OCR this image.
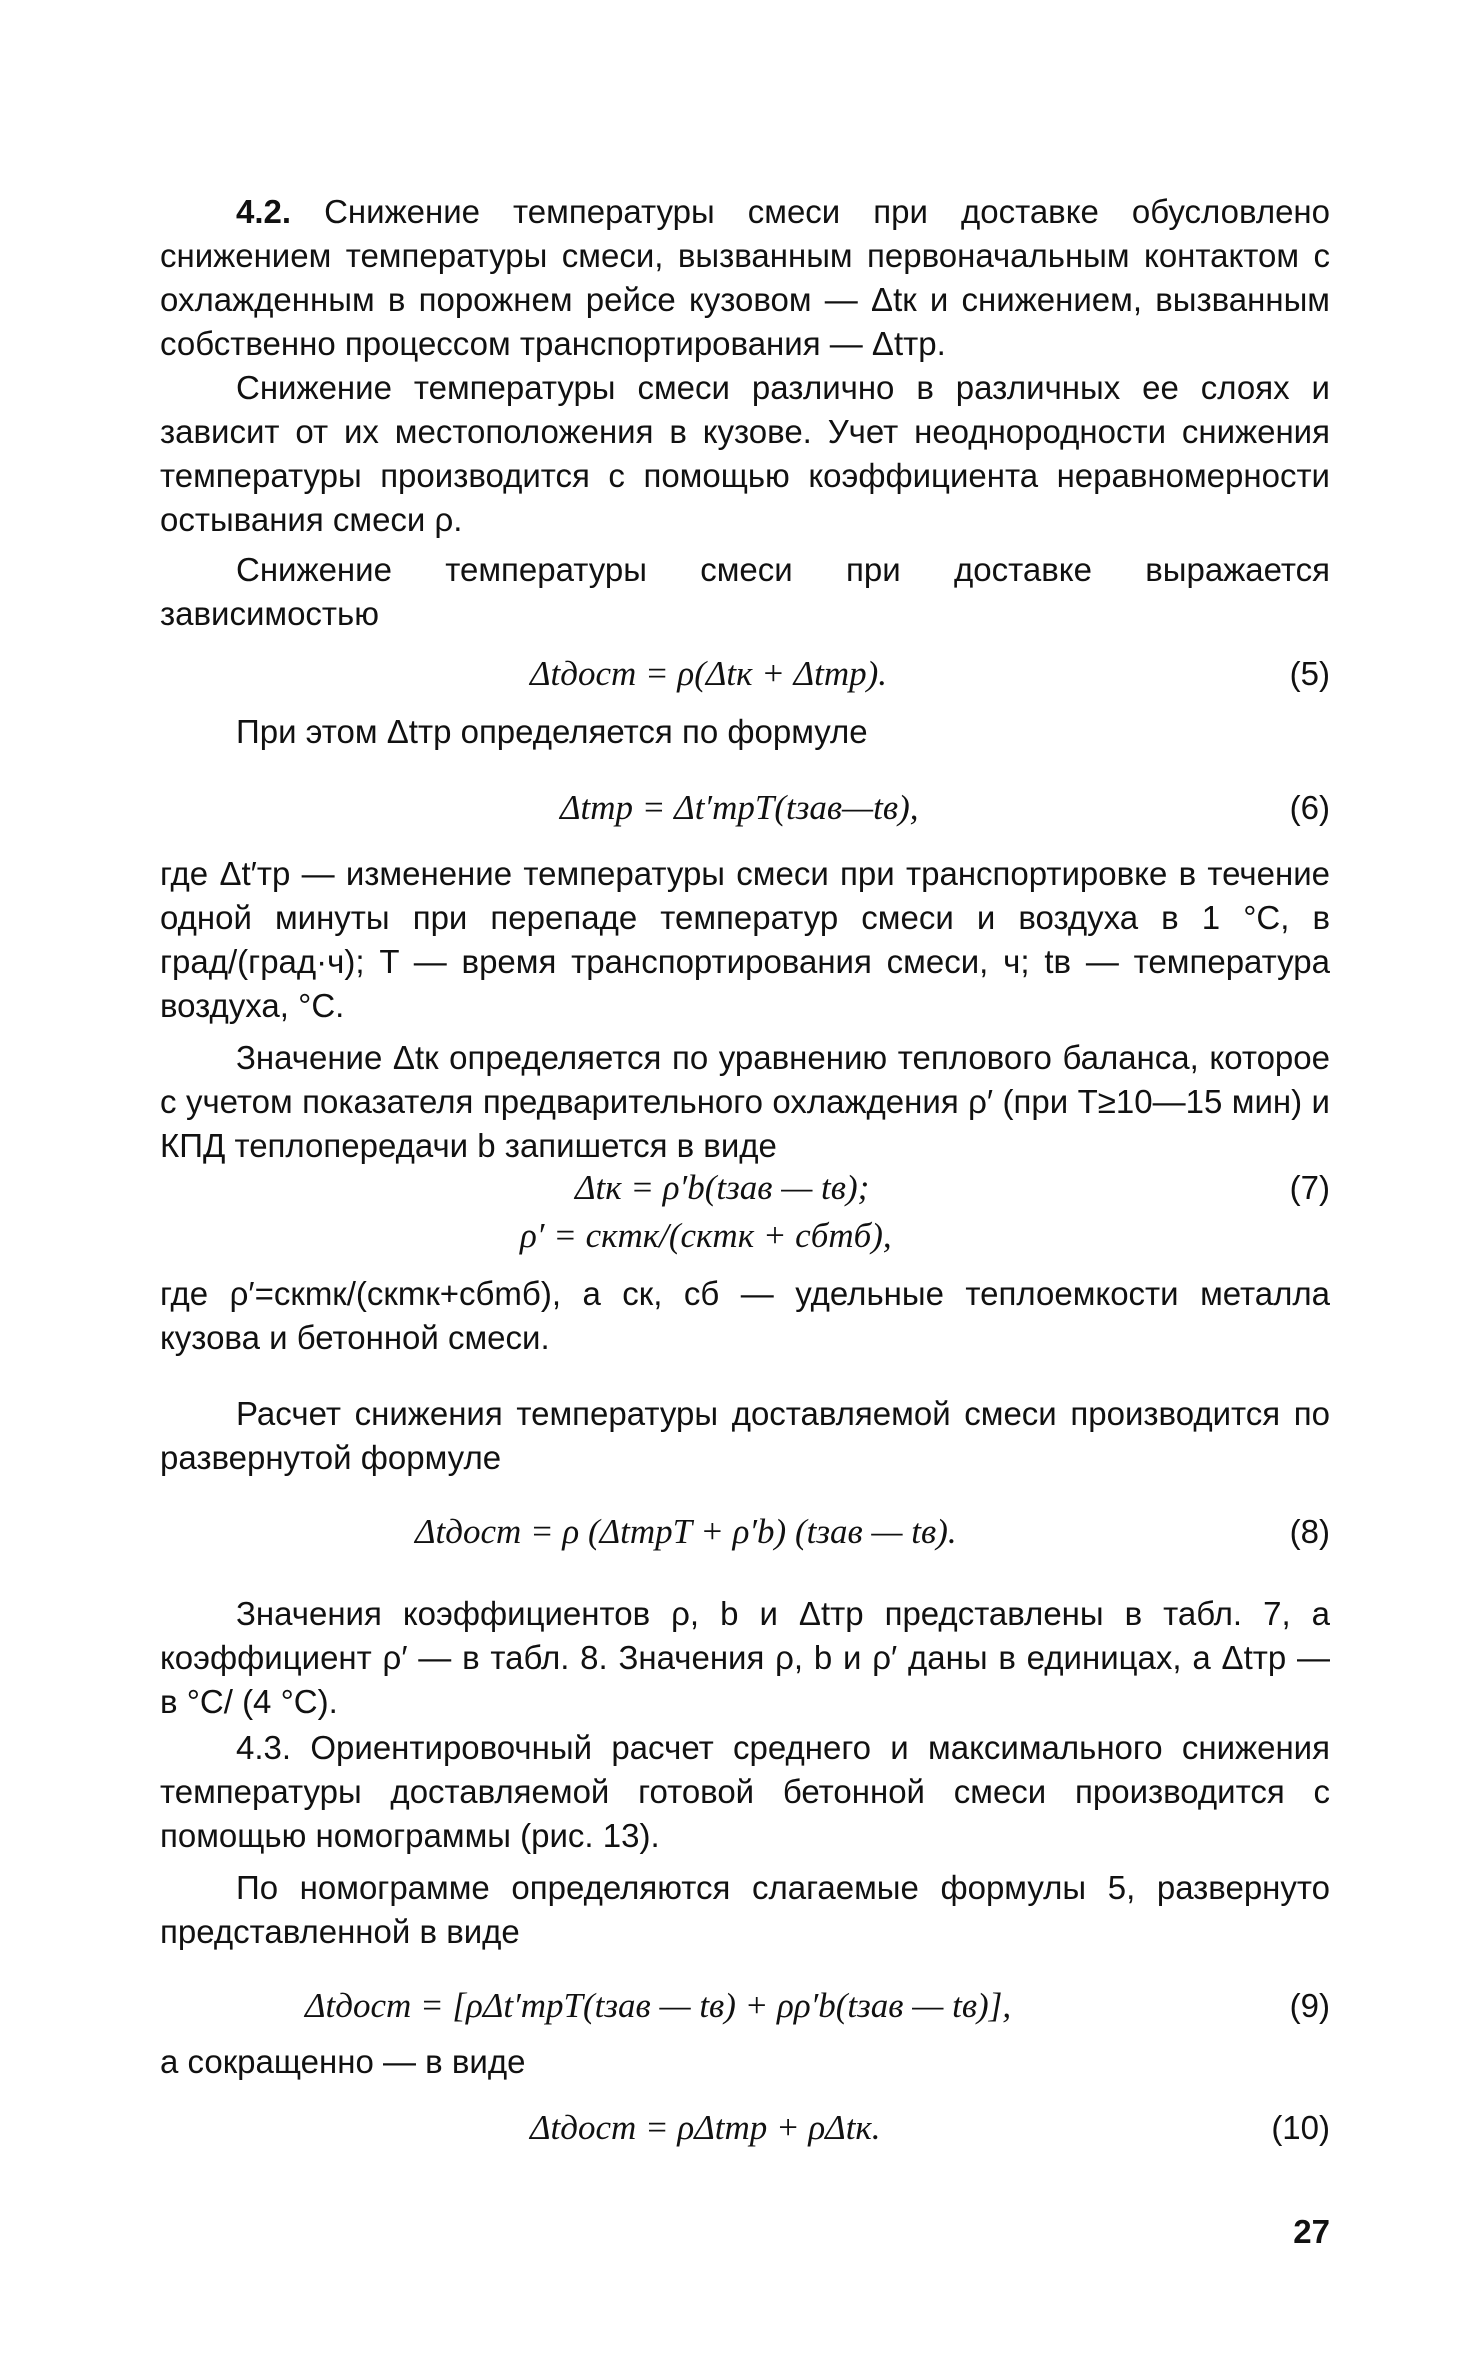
4.2. Снижение температуры смеси при доставке обусловлено снижением температуры смеси, вызванным первоначальным контактом с охлажденным в порожнем рейсе кузовом — Δtк и снижением, вызванным собственно процессом транспортирования — Δtтр.

Снижение температуры смеси различно в различных ее слоях и зависит от их местоположения в кузове. Учет неоднородности снижения температуры производится с помощью коэффициента неравномерности остывания смеси ρ.

Снижение температуры смеси при доставке выражается зависимостью

Δtдост = ρ(Δtк + Δtтр).	(5)

При этом Δtтр определяется по формуле

Δtтр = Δt′трT(tзав—tв),	(6)

где Δt′тр — изменение температуры смеси при транспортировке в течение одной минуты при перепаде температур смеси и воздуха в 1 °С, в град/(град·ч); T — время транспортирования смеси, ч; tв — температура воздуха, °С.

Значение Δtк определяется по уравнению теплового баланса, которое с учетом показателя предварительного охлаждения ρ′ (при T≥10—15 мин) и КПД теплопередачи b запишется в виде

Δtк = ρ′b(tзав — tв);	(7)
ρ′ = cкmк/(cкmк + cбmб),

где ρ′=cкmк/(cкmк+cбmб), а cк, cб — удельные теплоемкости металла кузова и бетонной смеси.

Расчет снижения температуры доставляемой смеси производится по развернутой формуле

Δtдост = ρ (ΔtтрT + ρ′b) (tзав — tв).	(8)

Значения коэффициентов ρ, b и Δtтр представлены в табл. 7, а коэффициент ρ′ — в табл. 8. Значения ρ, b и ρ′ даны в единицах, а Δtтр — в °С/ (4 °С).

4.3. Ориентировочный расчет среднего и максимального снижения температуры доставляемой готовой бетонной смеси производится с помощью номограммы (рис. 13).

По номограмме определяются слагаемые формулы 5, развернуто представленной в виде

Δtдост = [ρΔt′трT(tзав — tв) + ρρ′b(tзав — tв)],	(9)

а сокращенно — в виде

Δtдост = ρΔtтр + ρΔtк.	(10)
27
